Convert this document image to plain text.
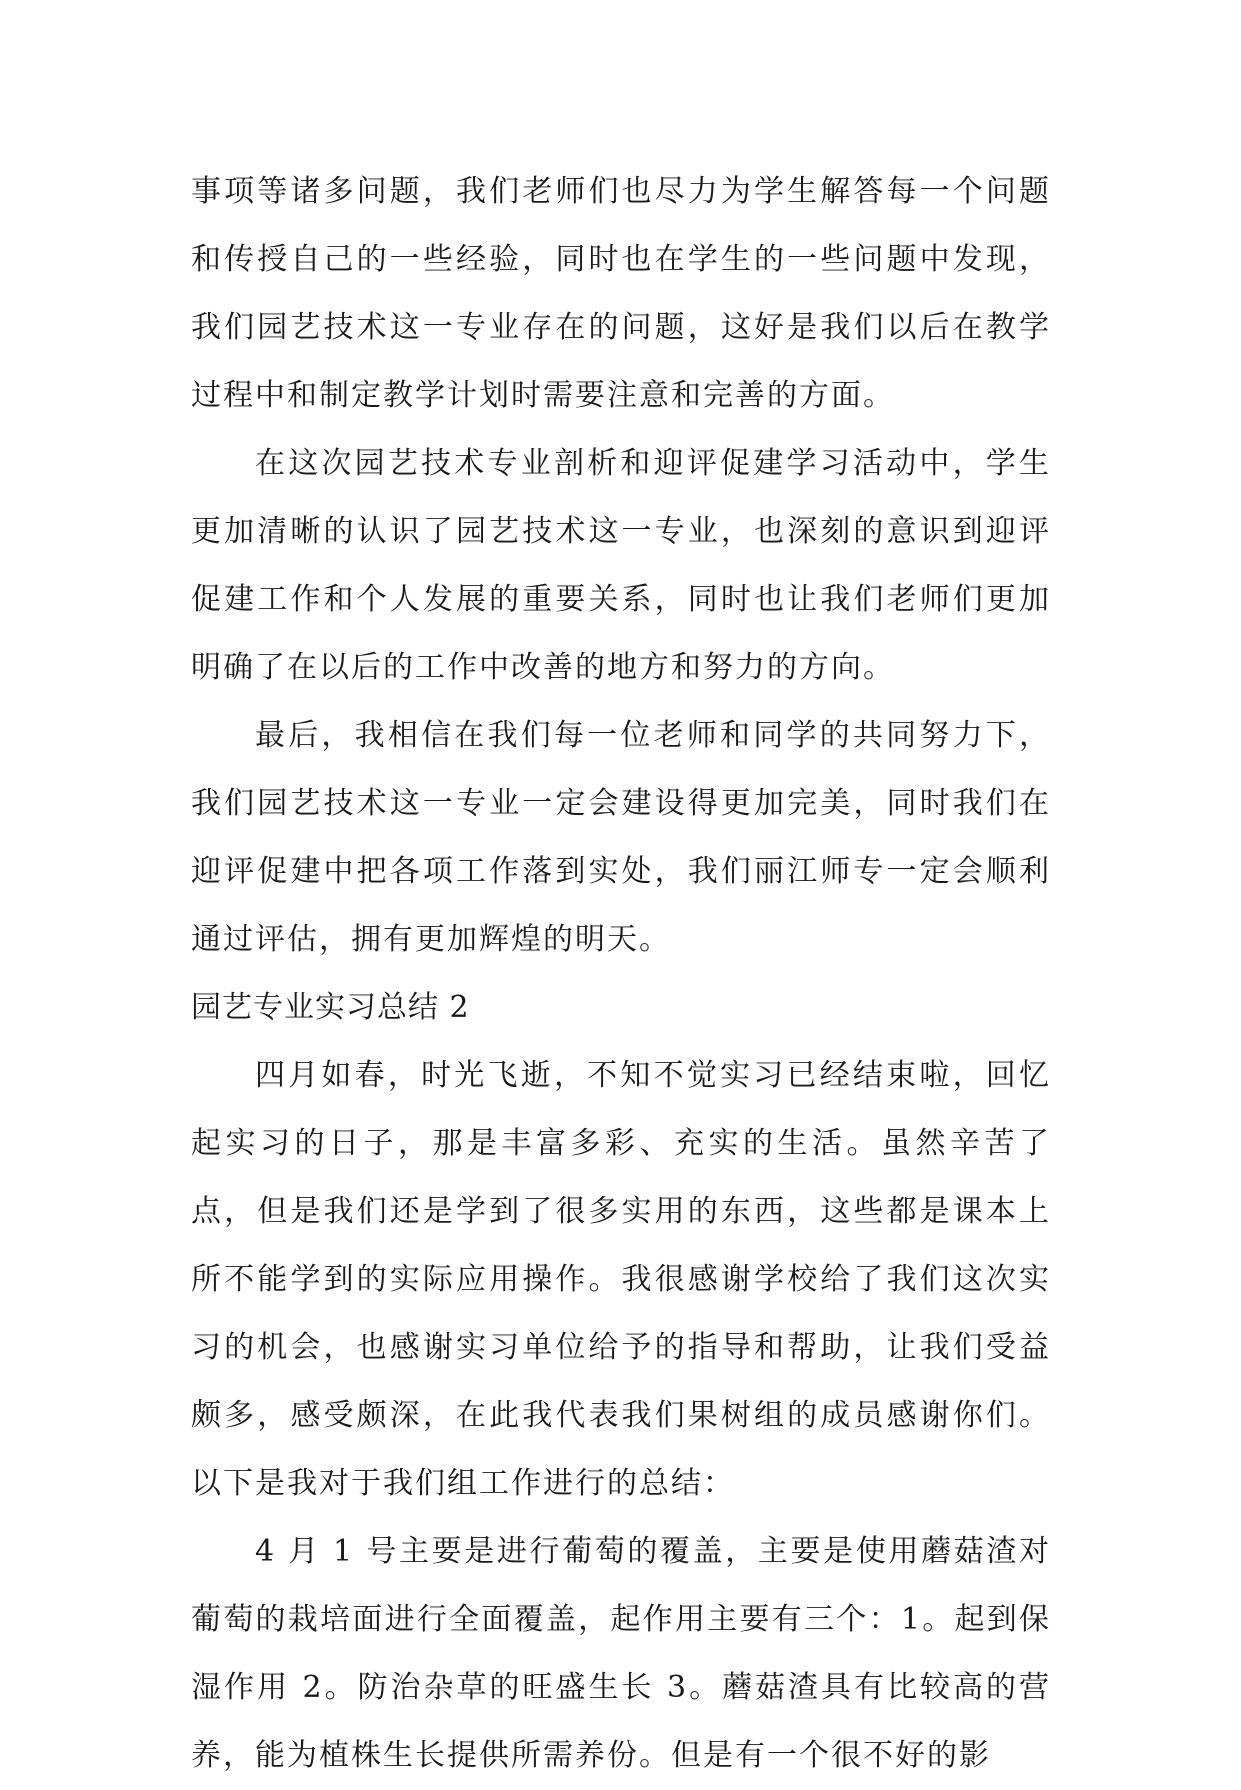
事项等诸多问题，我们老师们也尽力为学生解答每一个问题和传授自己的一些经验，同时也在学生的一些问题中发现，我们园艺技术这一专业存在的问题，这好是我们以后在教学过程中和制定教学计划时需要注意和完善的方面。

在这次园艺技术专业剖析和迎评促建学习活动中，学生更加清晰的认识了园艺技术这一专业，也深刻的意识到迎评促建工作和个人发展的重要关系，同时也让我们老师们更加明确了在以后的工作中改善的地方和努力的方向。

最后，我相信在我们每一位老师和同学的共同努力下，我们园艺技术这一专业一定会建设得更加完美，同时我们在迎评促建中把各项工作落到实处，我们丽江师专一定会顺利通过评估，拥有更加辉煌的明天。

园艺专业实习总结 2

四月如春，时光飞逝，不知不觉实习已经结束啦，回忆起实习的日子，那是丰富多彩、充实的生活。虽然辛苦了点，但是我们还是学到了很多实用的东西，这些都是课本上所不能学到的实际应用操作。我很感谢学校给了我们这次实习的机会，也感谢实习单位给予的指导和帮助，让我们受益颇多，感受颇深，在此我代表我们果树组的成员感谢你们。以下是我对于我们组工作进行的总结：

4 月 1 号主要是进行葡萄的覆盖，主要是使用蘑菇渣对葡萄的栽培面进行全面覆盖，起作用主要有三个：1。起到保湿作用 2。防治杂草的旺盛生长 3。蘑菇渣具有比较高的营养，能为植株生长提供所需养份。但是有一个很不好的影
